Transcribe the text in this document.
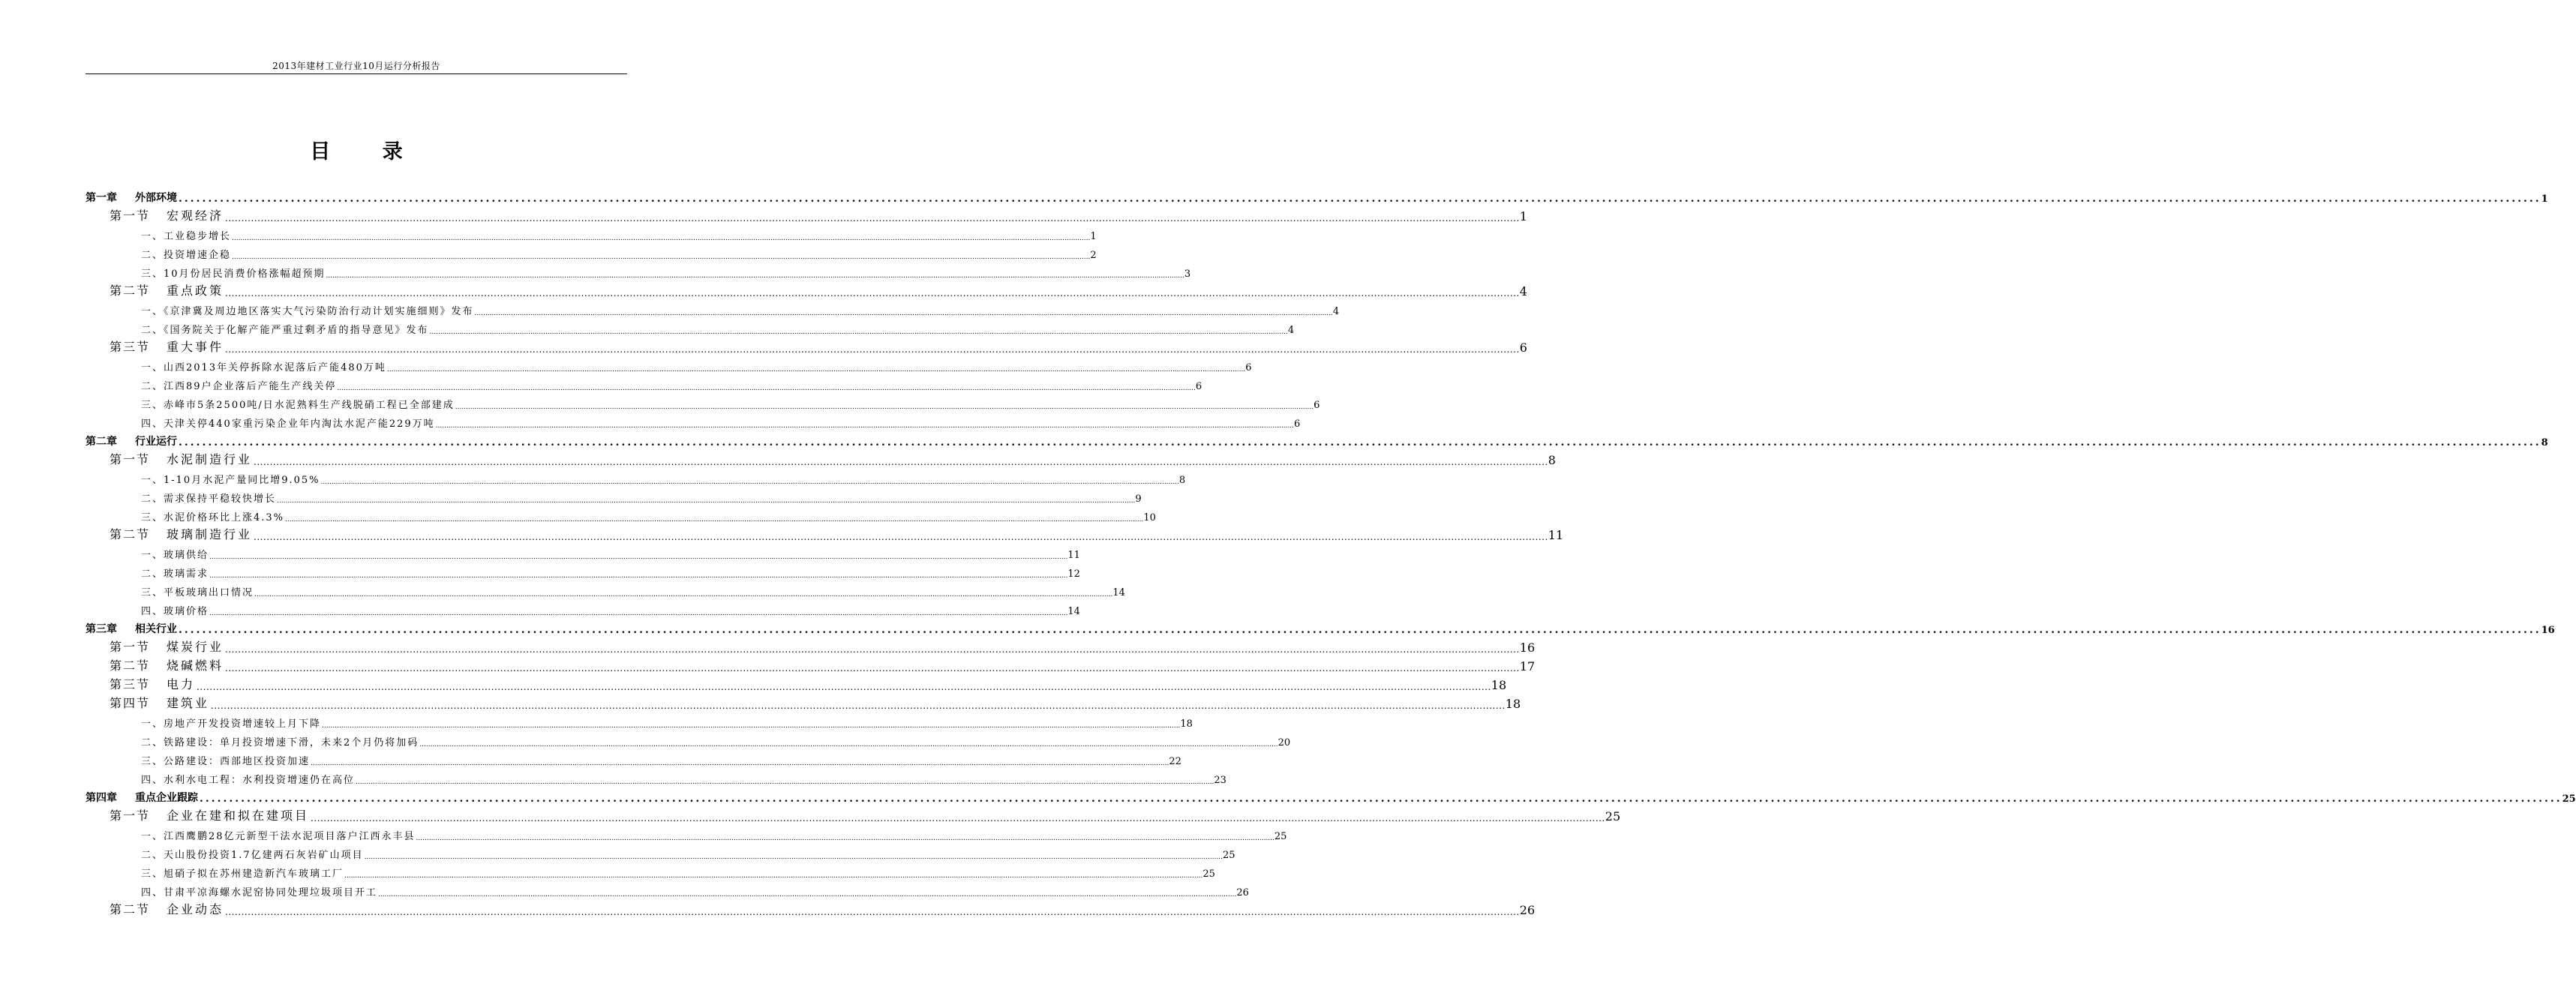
2013年建材工业行业10月运行分析报告
目 录
第一章 外部环境 ................................................................................................................................................................................................................................................................................................................................................................................................................ 1
第一节 宏观经济 ................................................................................................................................................................................................................................................................................................................................................................................................................ 1
一、工业稳步增长 ................................................................................................................................................................................................................................................................................................................................................................................................................ 1
二、投资增速企稳 ................................................................................................................................................................................................................................................................................................................................................................................................................ 2
三、10月份居民消费价格涨幅超预期 ................................................................................................................................................................................................................................................................................................................................................................................................................ 3
第二节 重点政策 ................................................................................................................................................................................................................................................................................................................................................................................................................ 4
一、《京津冀及周边地区落实大气污染防治行动计划实施细则》发布 ................................................................................................................................................................................................................................................................................................................................................................................................................ 4
二、《国务院关于化解产能严重过剩矛盾的指导意见》发布 ................................................................................................................................................................................................................................................................................................................................................................................................................ 4
第三节 重大事件 ................................................................................................................................................................................................................................................................................................................................................................................................................ 6
一、山西2013年关停拆除水泥落后产能480万吨 ................................................................................................................................................................................................................................................................................................................................................................................................................ 6
二、江西89户企业落后产能生产线关停 ................................................................................................................................................................................................................................................................................................................................................................................................................ 6
三、赤峰市5条2500吨/日水泥熟料生产线脱硝工程已全部建成 ................................................................................................................................................................................................................................................................................................................................................................................................................ 6
四、天津关停440家重污染企业年内淘汰水泥产能229万吨 ................................................................................................................................................................................................................................................................................................................................................................................................................ 6
第二章 行业运行 ................................................................................................................................................................................................................................................................................................................................................................................................................ 8
第一节 水泥制造行业 ................................................................................................................................................................................................................................................................................................................................................................................................................ 8
一、1-10月水泥产量同比增9.05% ................................................................................................................................................................................................................................................................................................................................................................................................................ 8
二、需求保持平稳较快增长 ................................................................................................................................................................................................................................................................................................................................................................................................................ 9
三、水泥价格环比上涨4.3% ................................................................................................................................................................................................................................................................................................................................................................................................................ 10
第二节 玻璃制造行业 ................................................................................................................................................................................................................................................................................................................................................................................................................ 11
一、玻璃供给 ................................................................................................................................................................................................................................................................................................................................................................................................................ 11
二、玻璃需求 ................................................................................................................................................................................................................................................................................................................................................................................................................ 12
三、平板玻璃出口情况 ................................................................................................................................................................................................................................................................................................................................................................................................................ 14
四、玻璃价格 ................................................................................................................................................................................................................................................................................................................................................................................................................ 14
第三章 相关行业 ................................................................................................................................................................................................................................................................................................................................................................................................................ 16
第一节 煤炭行业 ................................................................................................................................................................................................................................................................................................................................................................................................................ 16
第二节 烧碱燃料 ................................................................................................................................................................................................................................................................................................................................................................................................................ 17
第三节 电力 ................................................................................................................................................................................................................................................................................................................................................................................................................ 18
第四节 建筑业 ................................................................................................................................................................................................................................................................................................................................................................................................................ 18
一、房地产开发投资增速较上月下降 ................................................................................................................................................................................................................................................................................................................................................................................................................ 18
二、铁路建设：单月投资增速下滑，未来2个月仍将加码 ................................................................................................................................................................................................................................................................................................................................................................................................................ 20
三、公路建设：西部地区投资加速 ................................................................................................................................................................................................................................................................................................................................................................................................................ 22
四、水利水电工程：水利投资增速仍在高位 ................................................................................................................................................................................................................................................................................................................................................................................................................ 23
第四章 重点企业跟踪 ................................................................................................................................................................................................................................................................................................................................................................................................................ 25
第一节 企业在建和拟在建项目 ................................................................................................................................................................................................................................................................................................................................................................................................................ 25
一、江西鹰鹏28亿元新型干法水泥项目落户江西永丰县 ................................................................................................................................................................................................................................................................................................................................................................................................................ 25
二、天山股份投资1.7亿建两石灰岩矿山项目 ................................................................................................................................................................................................................................................................................................................................................................................................................ 25
三、旭硝子拟在苏州建造新汽车玻璃工厂 ................................................................................................................................................................................................................................................................................................................................................................................................................ 25
四、甘肃平凉海螺水泥窑协同处理垃圾项目开工 ................................................................................................................................................................................................................................................................................................................................................................................................................ 26
第二节 企业动态 ................................................................................................................................................................................................................................................................................................................................................................................................................ 26
